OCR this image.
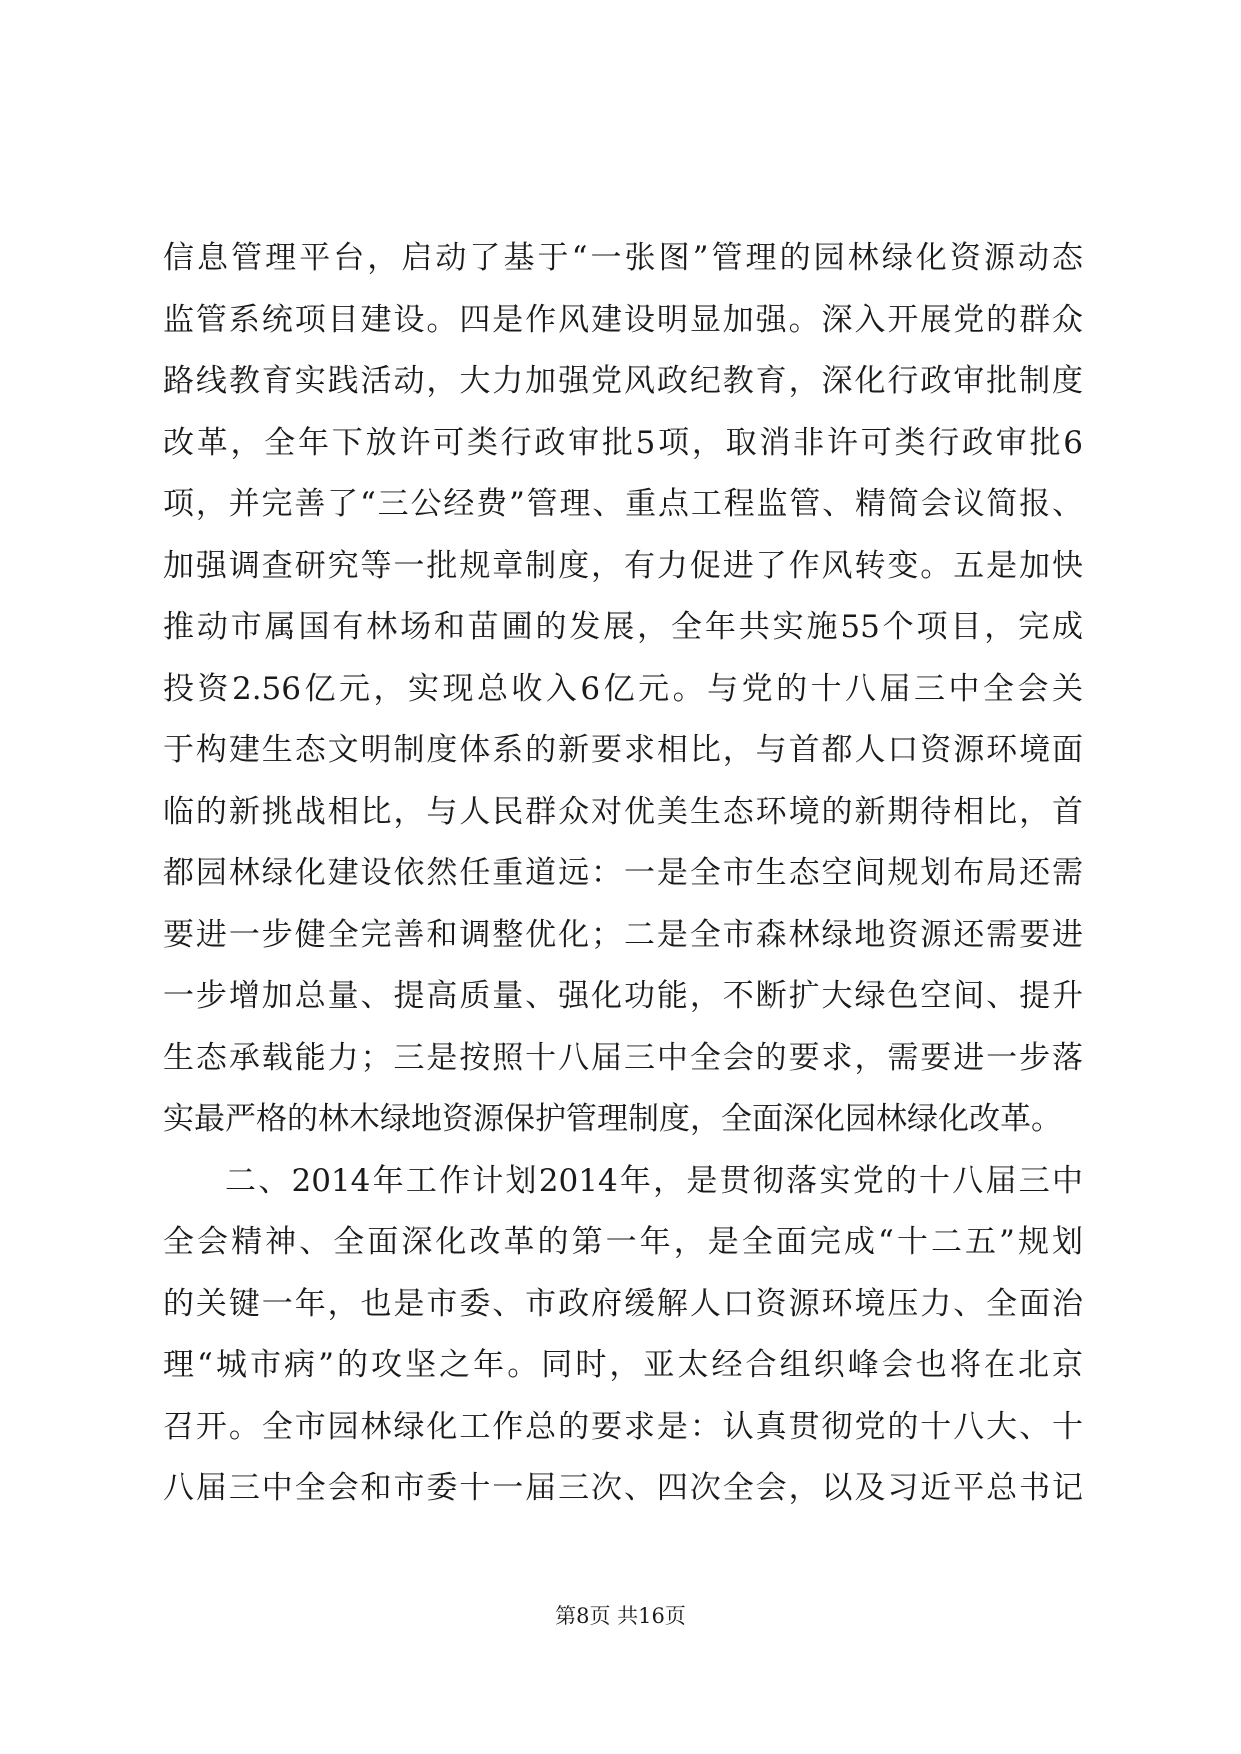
信息管理平台，启动了基于“一张图”管理的园林绿化资源动态
监管系统项目建设。四是作风建设明显加强。深入开展党的群众
路线教育实践活动，大力加强党风政纪教育，深化行政审批制度
改革，全年下放许可类行政审批5项，取消非许可类行政审批6
项，并完善了“三公经费”管理、重点工程监管、精简会议简报、
加强调查研究等一批规章制度，有力促进了作风转变。五是加快
推动市属国有林场和苗圃的发展，全年共实施55个项目，完成
投资2.56亿元，实现总收入6亿元。与党的十八届三中全会关
于构建生态文明制度体系的新要求相比，与首都人口资源环境面
临的新挑战相比，与人民群众对优美生态环境的新期待相比，首
都园林绿化建设依然任重道远：一是全市生态空间规划布局还需
要进一步健全完善和调整优化；二是全市森林绿地资源还需要进
一步增加总量、提高质量、强化功能，不断扩大绿色空间、提升
生态承载能力；三是按照十八届三中全会的要求，需要进一步落
实最严格的林木绿地资源保护管理制度，全面深化园林绿化改革。
二、2014年工作计划2014年，是贯彻落实党的十八届三中
全会精神、全面深化改革的第一年，是全面完成“十二五”规划
的关键一年，也是市委、市政府缓解人口资源环境压力、全面治
理“城市病”的攻坚之年。同时，亚太经合组织峰会也将在北京
召开。全市园林绿化工作总的要求是：认真贯彻党的十八大、十
八届三中全会和市委十一届三次、四次全会，以及习近平总书记
第8页 共16页
